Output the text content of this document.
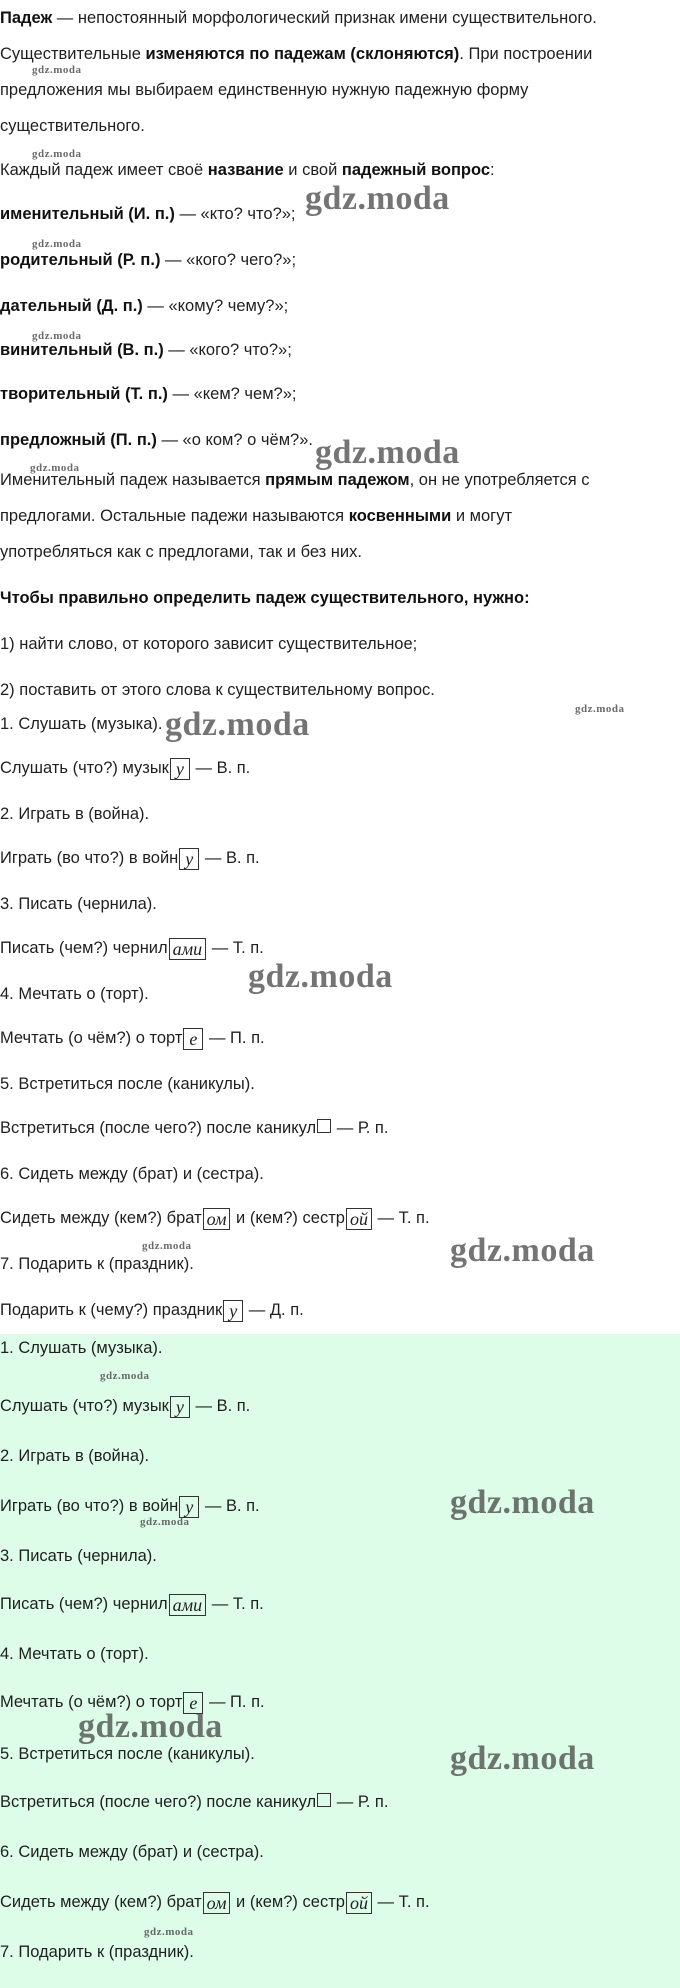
Падеж — непостоянный морфологический признак имени существительного.
Существительные изменяются по падежам (склоняются). При построении
предложения мы выбираем единственную нужную падежную форму
существительного.
Каждый падеж имеет своё название и свой падежный вопрос:
именительный (И. п.) — «кто? что?»;
родительный (Р. п.) — «кого? чего?»;
дательный (Д. п.) — «кому? чему?»;
винительный (В. п.) — «кого? что?»;
творительный (Т. п.) — «кем? чем?»;
предложный (П. п.) — «о ком? о чём?».
Именительный падеж называется прямым падежом, он не употребляется с
предлогами. Остальные падежи называются косвенными и могут
употребляться как с предлогами, так и без них.
Чтобы правильно определить падеж существительного, нужно:
1) найти слово, от которого зависит существительное;
2) поставить от этого слова к существительному вопрос.
1. Слушать (музыка).
Слушать (что?) музык у — В. п.
2. Играть в (война).
Играть (во что?) в войн у — В. п.
3. Писать (чернила).
Писать (чем?) чернил ами — Т. п.
4. Мечтать о (торт).
Мечтать (о чём?) о торт е — П. п.
5. Встретиться после (каникулы).
Встретиться (после чего?) после каникул — Р. п.
6. Сидеть между (брат) и (сестра).
Сидеть между (кем?) брат ом и (кем?) сестр ой — Т. п.
7. Подарить к (праздник).
Подарить к (чему?) праздник у — Д. п.
1. Слушать (музыка).
Слушать (что?) музык у — В. п.
2. Играть в (война).
Играть (во что?) в войн у — В. п.
3. Писать (чернила).
Писать (чем?) чернил ами — Т. п.
4. Мечтать о (торт).
Мечтать (о чём?) о торт е — П. п.
5. Встретиться после (каникулы).
Встретиться (после чего?) после каникул — Р. п.
6. Сидеть между (брат) и (сестра).
Сидеть между (кем?) брат ом и (кем?) сестр ой — Т. п.
7. Подарить к (праздник).
gdz.moda
gdz.moda
gdz.moda
gdz.moda
gdz.moda
gdz.moda	gdz.moda
gdz.moda
gdz.moda
gdz.moda
gdz.moda	gdz.moda
gdz.moda
gdz.moda
gdz.moda
gdz.moda
gdz.moda
gdz.moda
